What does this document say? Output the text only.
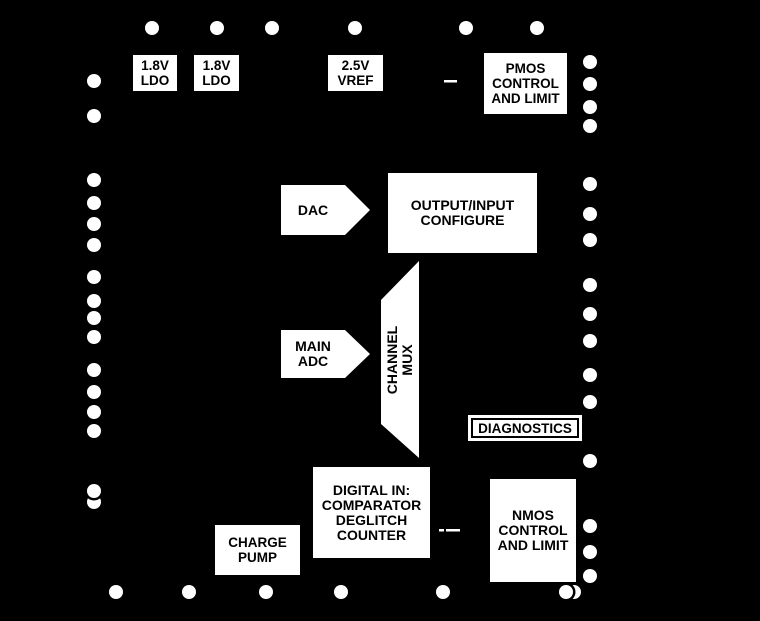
1.8V
LDO
1.8V
LDO
2.5V
VREF
PMOS
CONTROL
AND LIMIT
DAC	OUTPUT/INPUT
CONFIGURE
MAIN
ADC	CHANNEL MUX
DIAGNOSTICS
DIGITAL IN:
COMPARATOR
DEGLITCH
COUNTER
CHARGE
PUMP
NMOS
CONTROL
AND LIMIT
